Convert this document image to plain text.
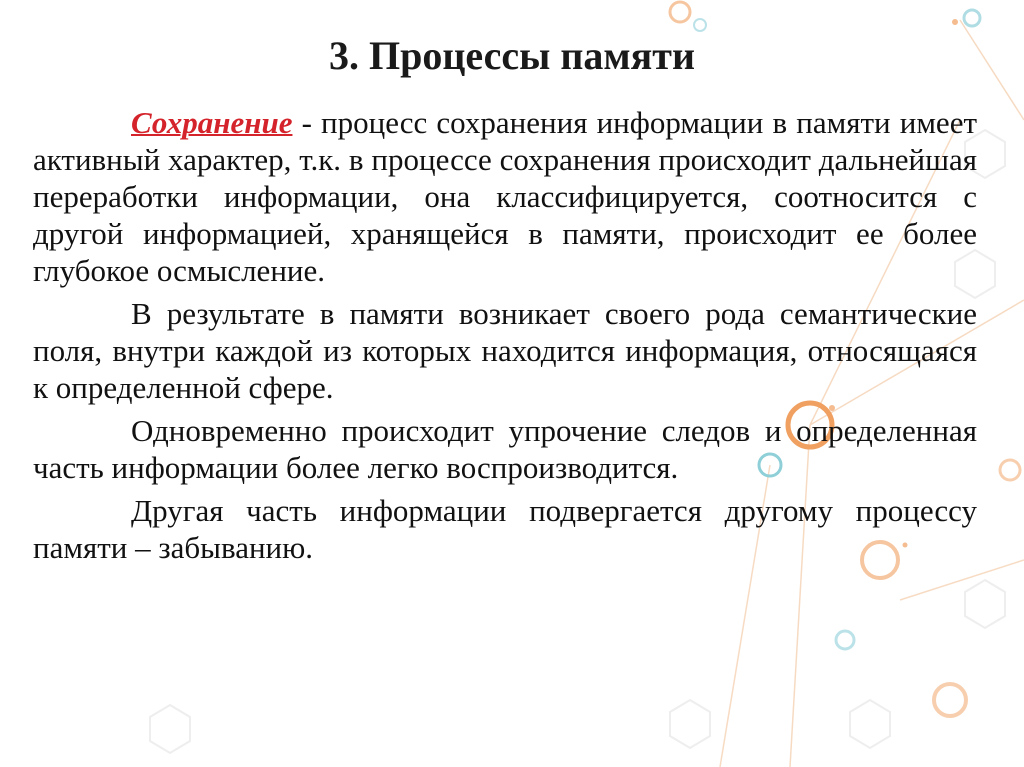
3. Процессы памяти

Сохранение - процесс сохранения информации в памяти имеет активный характер, т.к. в процессе сохранения происходит дальнейшая переработки информации, она классифицируется, соотносится с другой информацией, хранящейся в памяти, происходит ее более глубокое осмысление.

В результате в памяти возникает своего рода семантические поля, внутри каждой из которых находится информация, относящаяся к определенной сфере.

Одновременно происходит упрочение следов и определенная часть информации более легко воспроизводится.

Другая часть информации подвергается другому процессу памяти – забыванию.
